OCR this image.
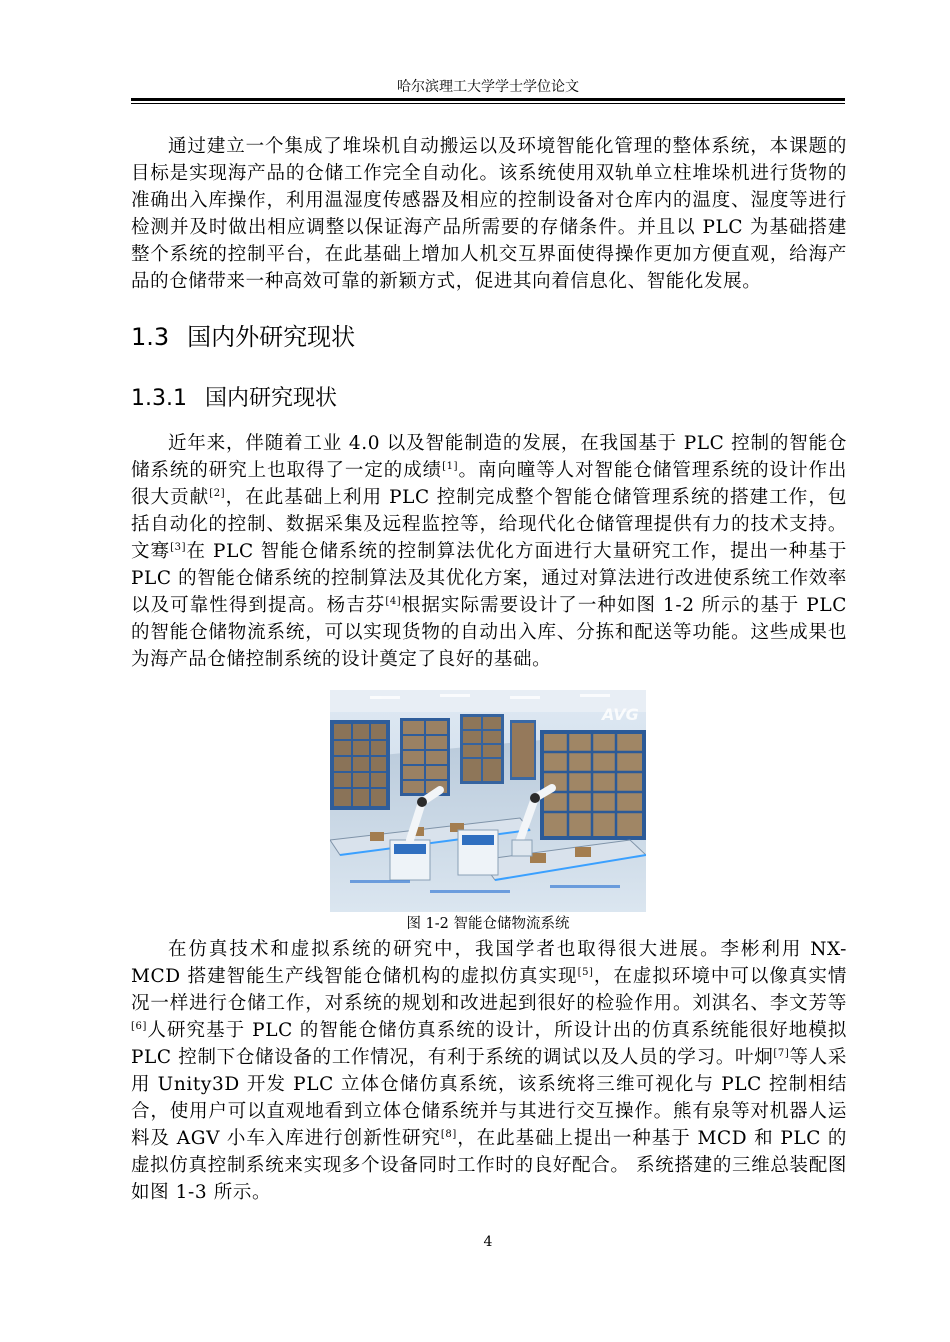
哈尔滨理工大学学士学位论文

通过建立一个集成了堆垛机自动搬运以及环境智能化管理的整体系统，本课题的目标是实现海产品的仓储工作完全自动化。该系统使用双轨单立柱堆垛机进行货物的准确出入库操作，利用温湿度传感器及相应的控制设备对仓库内的温度、湿度等进行检测并及时做出相应调整以保证海产品所需要的存储条件。并且以 PLC 为基础搭建整个系统的控制平台，在此基础上增加人机交互界面使得操作更加方便直观，给海产品的仓储带来一种高效可靠的新颖方式，促进其向着信息化、智能化发展。

1.3 国内外研究现状
1.3.1 国内研究现状

近年来，伴随着工业 4.0 以及智能制造的发展，在我国基于 PLC 控制的智能仓储系统的研究上也取得了一定的成绩[1]。南向曈等人对智能仓储管理系统的设计作出很大贡献[2]，在此基础上利用 PLC 控制完成整个智能仓储管理系统的搭建工作，包括自动化的控制、数据采集及远程监控等，给现代化仓储管理提供有力的技术支持。文骞[3]在 PLC 智能仓储系统的控制算法优化方面进行大量研究工作，提出一种基于 PLC 的智能仓储系统的控制算法及其优化方案，通过对算法进行改进使系统工作效率以及可靠性得到提高。杨吉芬[4]根据实际需要设计了一种如图 1-2 所示的基于 PLC 的智能仓储物流系统，可以实现货物的自动出入库、分拣和配送等功能。这些成果也为海产品仓储控制系统的设计奠定了良好的基础。

AVG
图 1-2 智能仓储物流系统

在仿真技术和虚拟系统的研究中，我国学者也取得很大进展。李彬利用 NX-MCD 搭建智能生产线智能仓储机构的虚拟仿真实现[5]，在虚拟环境中可以像真实情况一样进行仓储工作，对系统的规划和改进起到很好的检验作用。刘淇名、李文芳等[6]人研究基于 PLC 的智能仓储仿真系统的设计，所设计出的仿真系统能很好地模拟 PLC 控制下仓储设备的工作情况，有利于系统的调试以及人员的学习。叶炯[7]等人采用 Unity3D 开发 PLC 立体仓储仿真系统，该系统将三维可视化与 PLC 控制相结合，使用户可以直观地看到立体仓储系统并与其进行交互操作。熊有泉等对机器人运料及 AGV 小车入库进行创新性研究[8]，在此基础上提出一种基于 MCD 和 PLC 的虚拟仿真控制系统来实现多个设备同时工作时的良好配合。 系统搭建的三维总装配图如图 1-3 所示。

4
